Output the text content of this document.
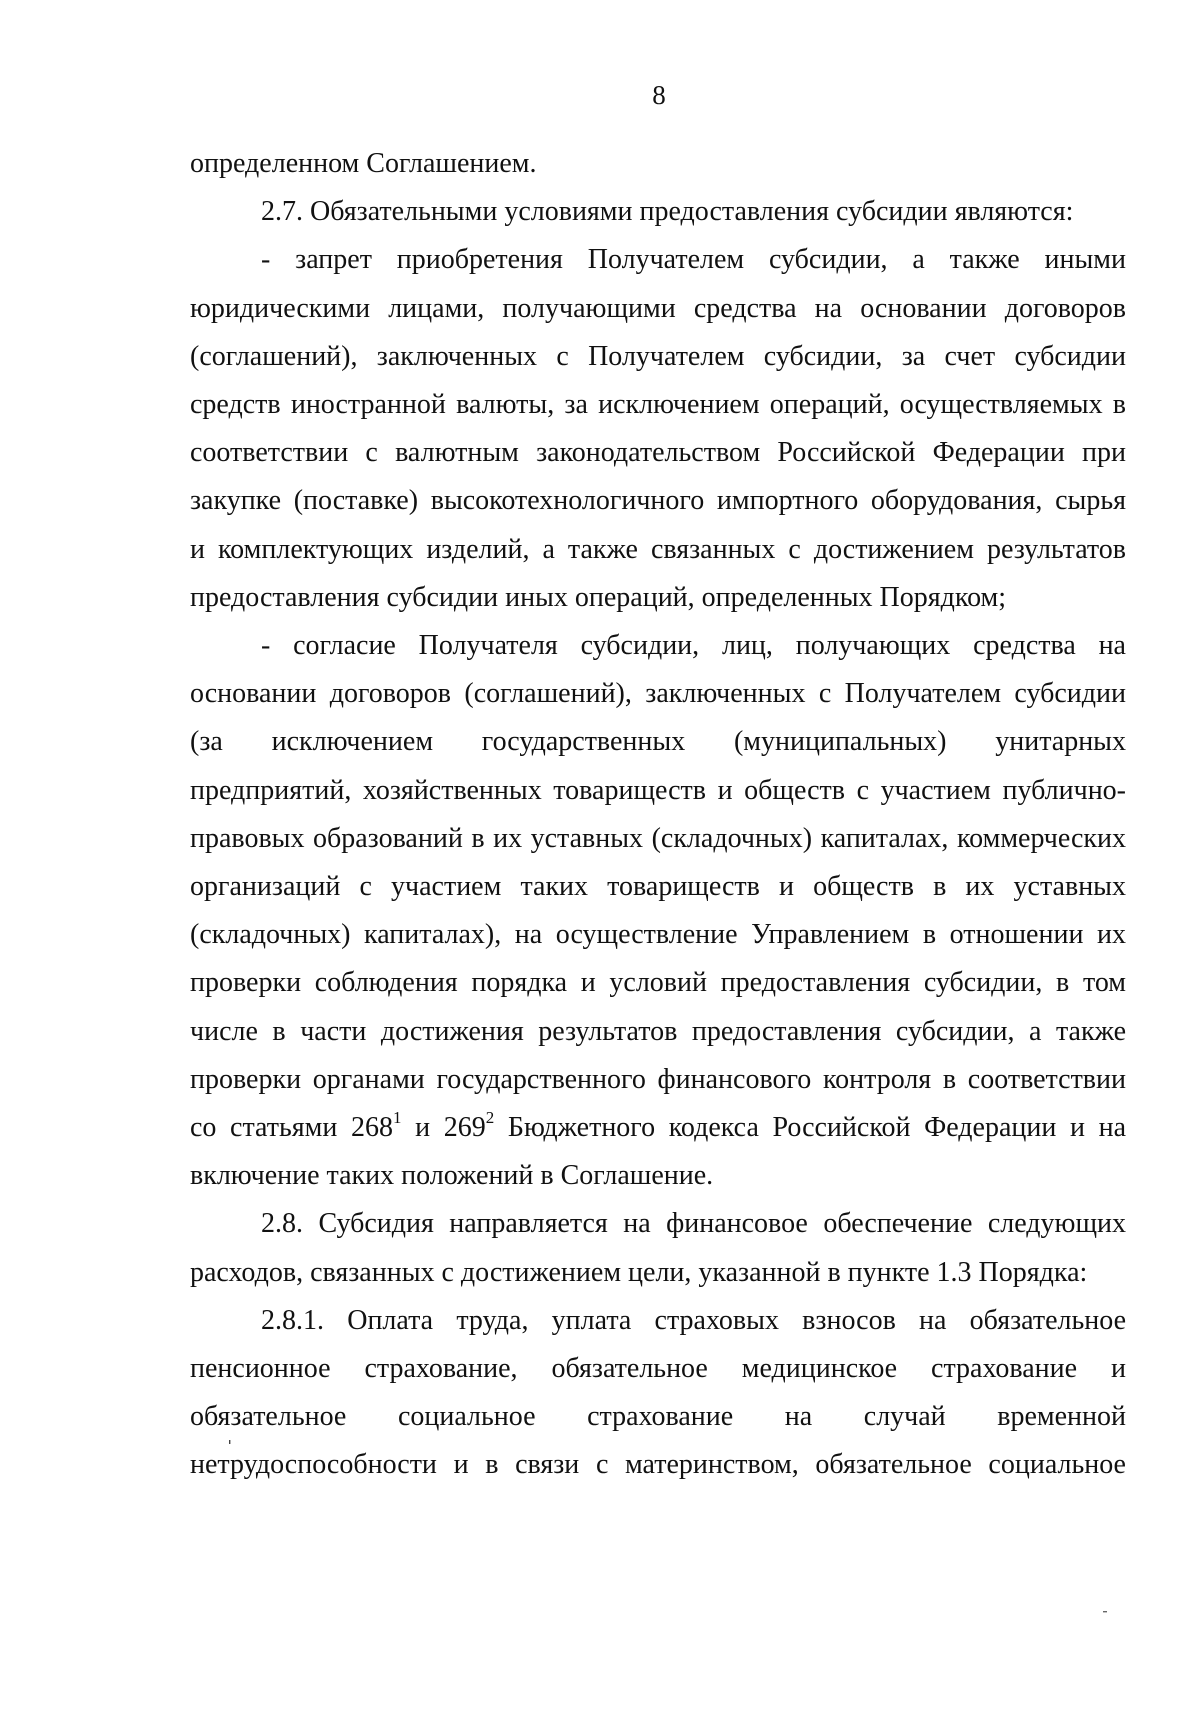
8
определенном Соглашением.
2.7. Обязательными условиями предоставления субсидии являются:
- запрет приобретения Получателем субсидии, а также иными
юридическими лицами, получающими средства на основании договоров
(соглашений), заключенных с Получателем субсидии, за счет субсидии
средств иностранной валюты, за исключением операций, осуществляемых в
соответствии с валютным законодательством Российской Федерации при
закупке (поставке) высокотехнологичного импортного оборудования, сырья
и комплектующих изделий, а также связанных с достижением результатов
предоставления субсидии иных операций, определенных Порядком;
- согласие Получателя субсидии, лиц, получающих средства на
основании договоров (соглашений), заключенных с Получателем субсидии
(за исключением государственных (муниципальных) унитарных
предприятий, хозяйственных товариществ и обществ с участием публично-
правовых образований в их уставных (складочных) капиталах, коммерческих
организаций с участием таких товариществ и обществ в их уставных
(складочных) капиталах), на осуществление Управлением в отношении их
проверки соблюдения порядка и условий предоставления субсидии, в том
числе в части достижения результатов предоставления субсидии, а также
проверки органами государственного финансового контроля в соответствии
со статьями $268^1$ и $269^2$ Бюджетного кодекса Российской Федерации и на
включение таких положений в Соглашение.
2.8. Субсидия направляется на финансовое обеспечение следующих
расходов, связанных с достижением цели, указанной в пункте 1.3 Порядка:
2.8.1. Оплата труда, уплата страховых взносов на обязательное
пенсионное страхование, обязательное медицинское страхование и
обязательное социальное страхование на случай временной
нетрудоспособности и в связи с материнством, обязательное социальное
